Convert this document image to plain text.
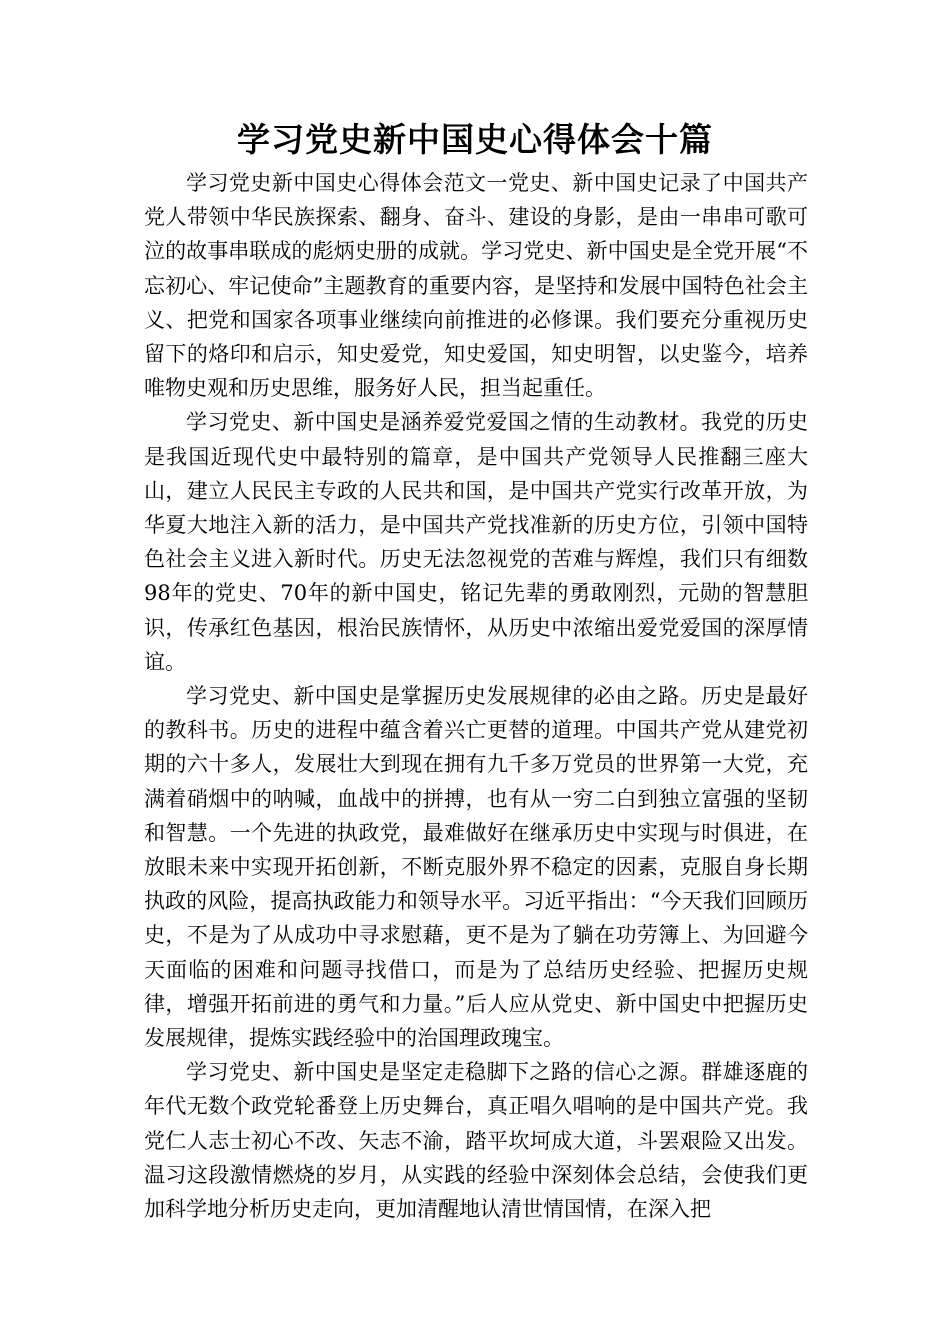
学习党史新中国史心得体会十篇

学习党史新中国史心得体会范文一党史、新中国史记录了中国共产党人带领中华民族探索、翻身、奋斗、建设的身影，是由一串串可歌可泣的故事串联成的彪炳史册的成就。学习党史、新中国史是全党开展“不忘初心、牢记使命”主题教育的重要内容，是坚持和发展中国特色社会主义、把党和国家各项事业继续向前推进的必修课。我们要充分重视历史留下的烙印和启示，知史爱党，知史爱国，知史明智，以史鉴今，培养唯物史观和历史思维，服务好人民，担当起重任。

学习党史、新中国史是涵养爱党爱国之情的生动教材。我党的历史是我国近现代史中最特别的篇章，是中国共产党领导人民推翻三座大山，建立人民民主专政的人民共和国，是中国共产党实行改革开放，为华夏大地注入新的活力，是中国共产党找准新的历史方位，引领中国特色社会主义进入新时代。历史无法忽视党的苦难与辉煌，我们只有细数98年的党史、70年的新中国史，铭记先辈的勇敢刚烈，元勋的智慧胆识，传承红色基因，根治民族情怀，从历史中浓缩出爱党爱国的深厚情谊。

学习党史、新中国史是掌握历史发展规律的必由之路。历史是最好的教科书。历史的进程中蕴含着兴亡更替的道理。中国共产党从建党初期的六十多人，发展壮大到现在拥有九千多万党员的世界第一大党，充满着硝烟中的呐喊，血战中的拼搏，也有从一穷二白到独立富强的坚韧和智慧。一个先进的执政党，最难做好在继承历史中实现与时俱进，在放眼未来中实现开拓创新，不断克服外界不稳定的因素，克服自身长期执政的风险，提高执政能力和领导水平。习近平指出：“今天我们回顾历史，不是为了从成功中寻求慰藉，更不是为了躺在功劳簿上、为回避今天面临的困难和问题寻找借口，而是为了总结历史经验、把握历史规律，增强开拓前进的勇气和力量。”后人应从党史、新中国史中把握历史发展规律，提炼实践经验中的治国理政瑰宝。

学习党史、新中国史是坚定走稳脚下之路的信心之源。群雄逐鹿的年代无数个政党轮番登上历史舞台，真正唱久唱响的是中国共产党。我党仁人志士初心不改、矢志不渝，踏平坎坷成大道，斗罢艰险又出发。温习这段激情燃烧的岁月，从实践的经验中深刻体会总结，会使我们更加科学地分析历史走向，更加清醒地认清世情国情，在深入把
